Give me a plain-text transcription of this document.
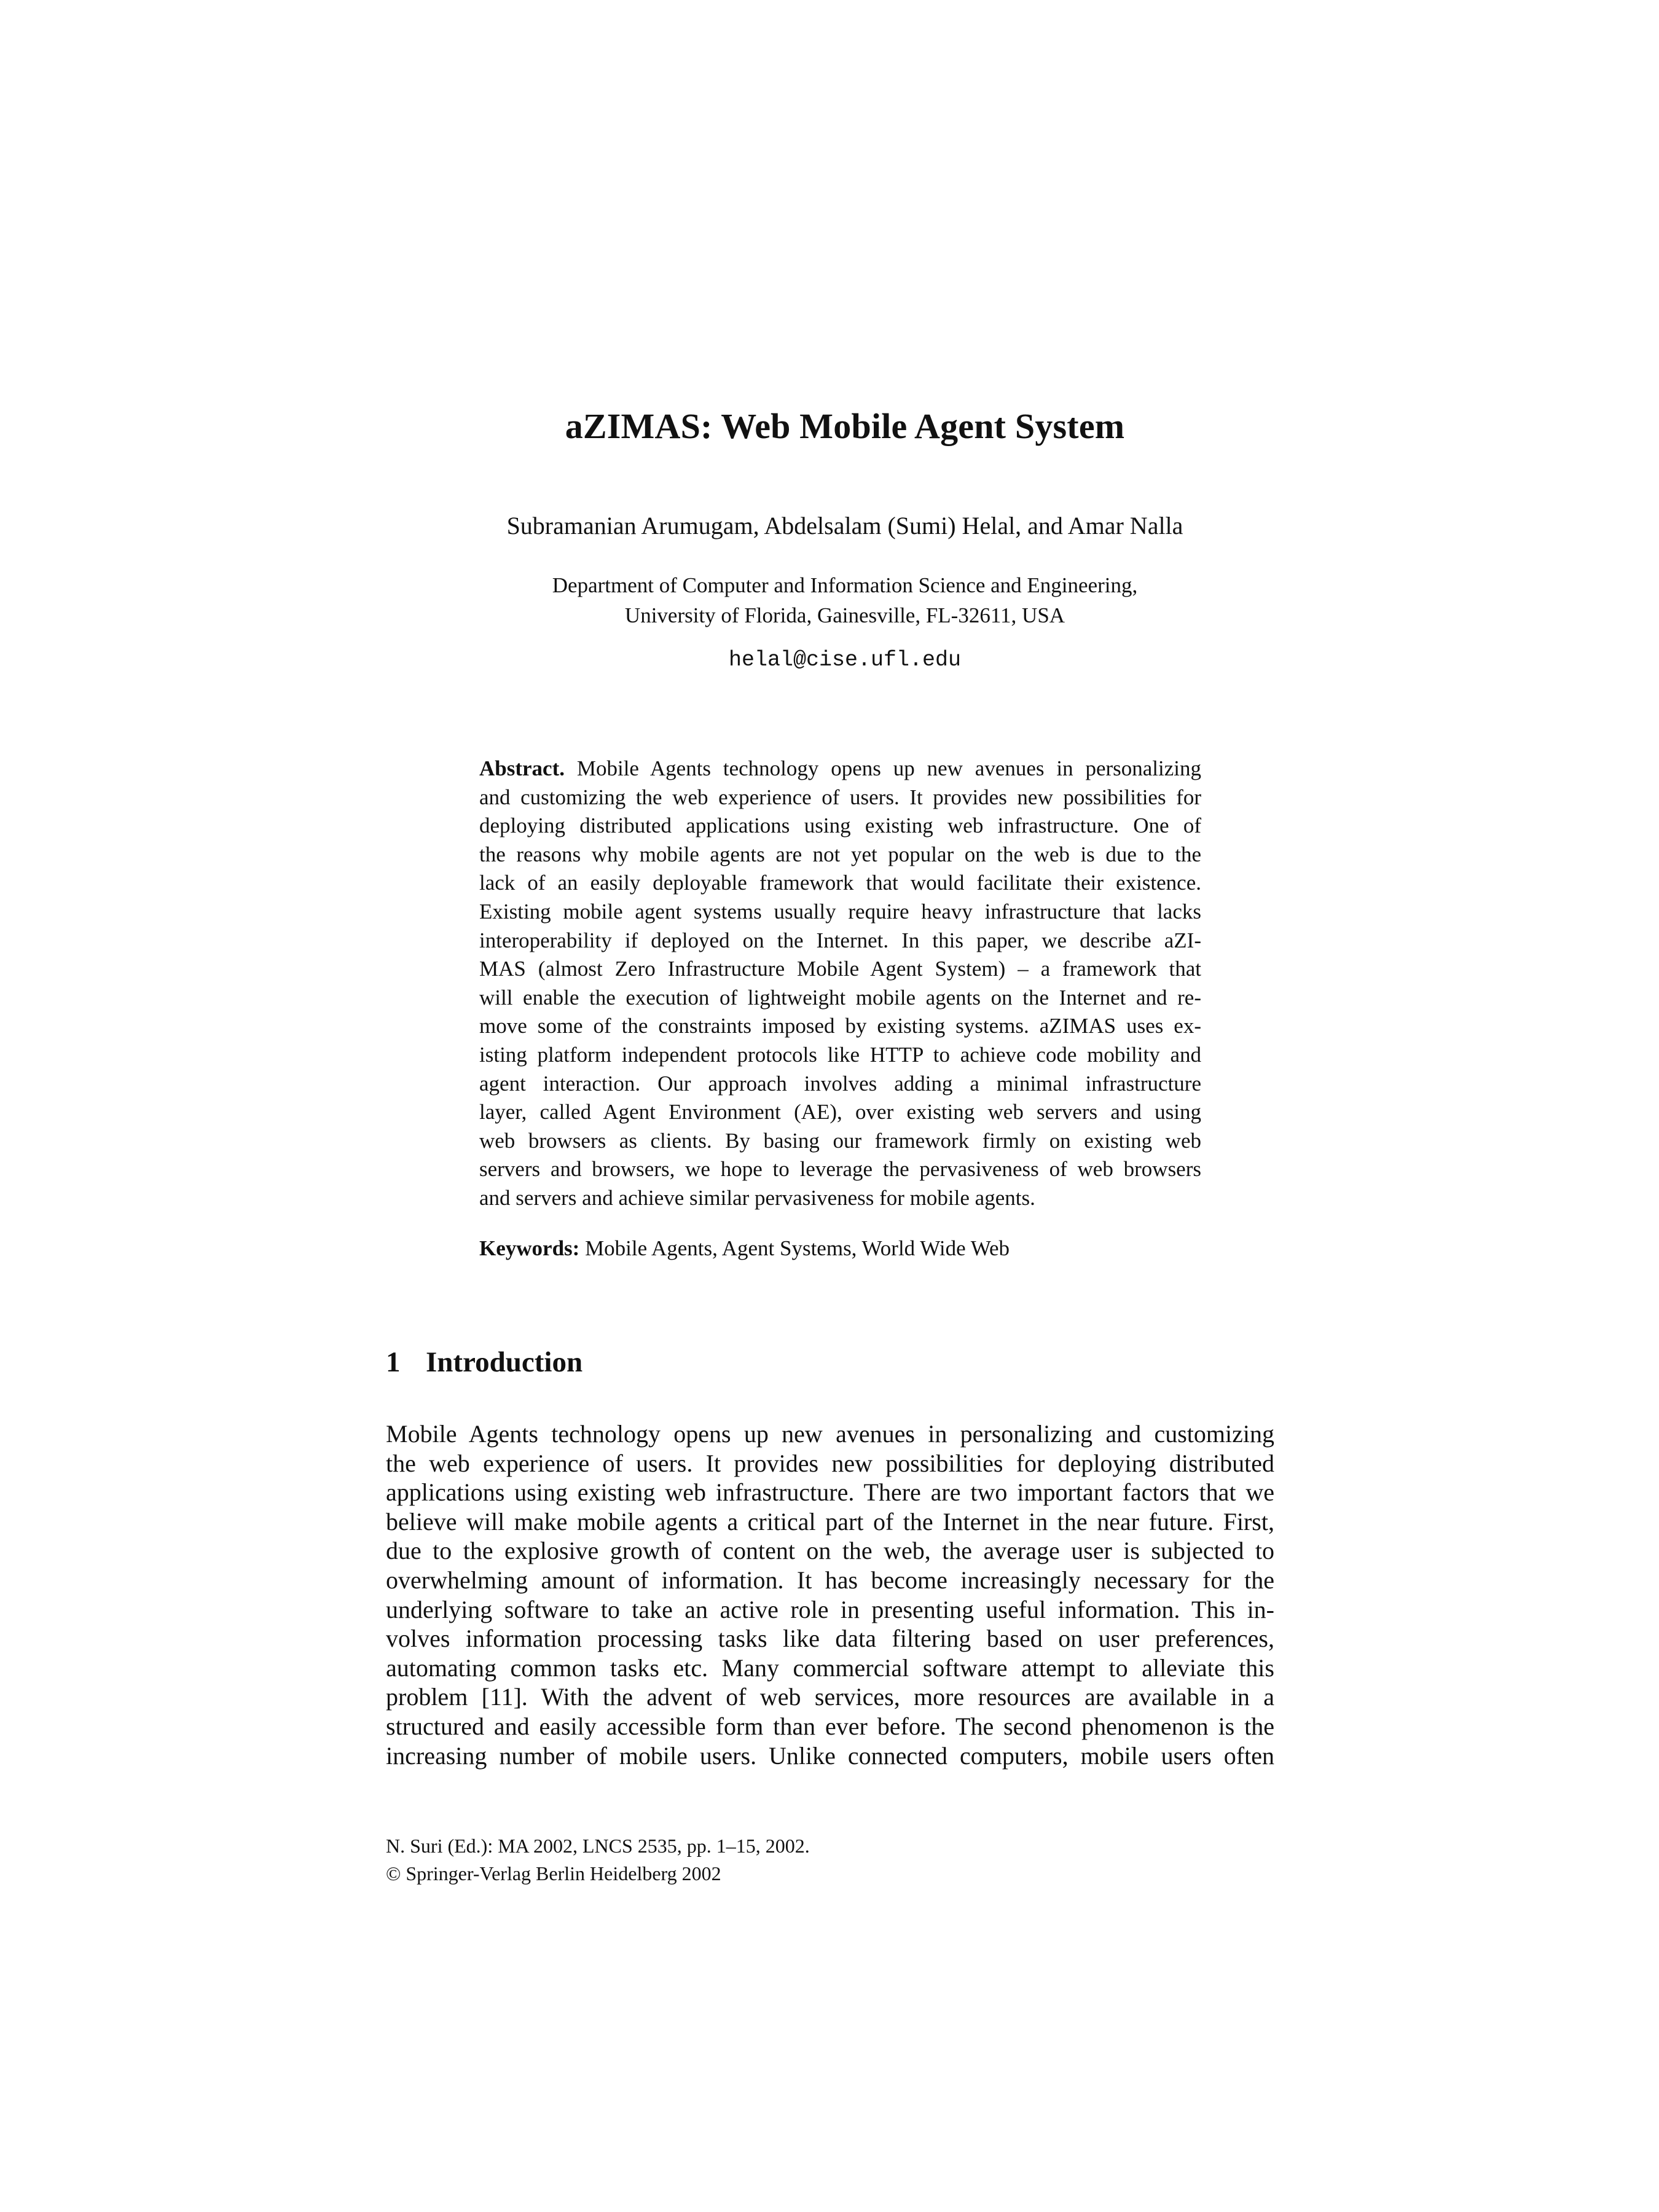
aZIMAS: Web Mobile Agent System
Subramanian Arumugam, Abdelsalam (Sumi) Helal, and Amar Nalla
Department of Computer and Information Science and Engineering,
University of Florida, Gainesville, FL-32611, USA
helal@cise.ufl.edu
Abstract. Mobile Agents technology opens up new avenues in personalizing
and customizing the web experience of users. It provides new possibilities for
deploying distributed applications using existing web infrastructure. One of
the reasons why mobile agents are not yet popular on the web is due to the
lack of an easily deployable framework that would facilitate their existence.
Existing mobile agent systems usually require heavy infrastructure that lacks
interoperability if deployed on the Internet. In this paper, we describe aZI-
MAS (almost Zero Infrastructure Mobile Agent System) – a framework that
will enable the execution of lightweight mobile agents on the Internet and re-
move some of the constraints imposed by existing systems. aZIMAS uses ex-
isting platform independent protocols like HTTP to achieve code mobility and
agent interaction. Our approach involves adding a minimal infrastructure
layer, called Agent Environment (AE), over existing web servers and using
web browsers as clients. By basing our framework firmly on existing web
servers and browsers, we hope to leverage the pervasiveness of web browsers
and servers and achieve similar pervasiveness for mobile agents.
Keywords: Mobile Agents, Agent Systems, World Wide Web
1 Introduction
Mobile Agents technology opens up new avenues in personalizing and customizing
the web experience of users. It provides new possibilities for deploying distributed
applications using existing web infrastructure. There are two important factors that we
believe will make mobile agents a critical part of the Internet in the near future. First,
due to the explosive growth of content on the web, the average user is subjected to
overwhelming amount of information. It has become increasingly necessary for the
underlying software to take an active role in presenting useful information. This in-
volves information processing tasks like data filtering based on user preferences,
automating common tasks etc. Many commercial software attempt to alleviate this
problem [11]. With the advent of web services, more resources are available in a
structured and easily accessible form than ever before. The second phenomenon is the
increasing number of mobile users. Unlike connected computers, mobile users often
N. Suri (Ed.): MA 2002, LNCS 2535, pp. 1–15, 2002.
© Springer-Verlag Berlin Heidelberg 2002
